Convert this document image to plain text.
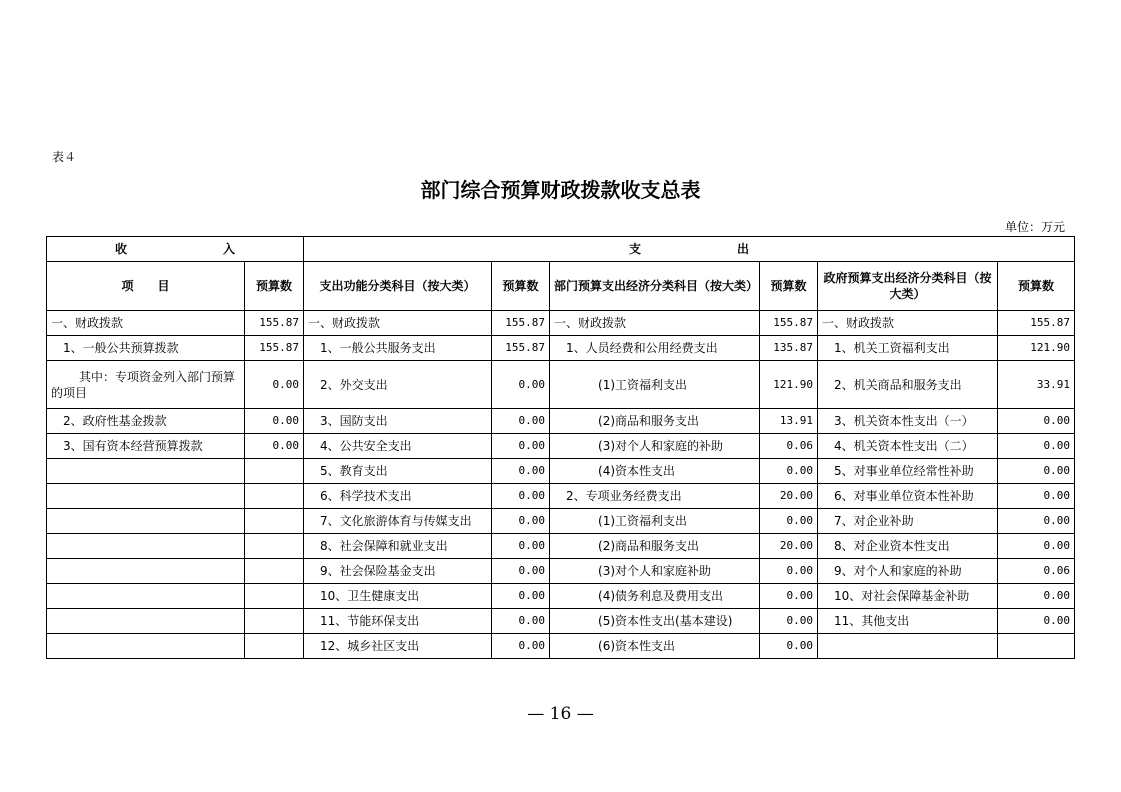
表４
部门综合预算财政拨款收支总表
单位：万元
收　　　　　　　　入		支　　　　　　　　出					
项　　目	预算数	支出功能分类科目（按大类）	预算数	部门预算支出经济分类科目（按大类）	预算数	政府预算支出经济分类科目（按大类）	预算数
一、财政拨款	155.87	一、财政拨款	155.87	一、财政拨款	155.87	一、财政拨款	155.87
1、一般公共预算拨款	155.87	1、一般公共服务支出	155.87	1、人员经费和公用经费支出	135.87	1、机关工资福利支出	121.90
其中：专项资金列入部门预算的项目	0.00	2、外交支出	0.00	(1)工资福利支出	121.90	2、机关商品和服务支出	33.91
2、政府性基金拨款	0.00	3、国防支出	0.00	(2)商品和服务支出	13.91	3、机关资本性支出（一）	0.00
3、国有资本经营预算拨款	0.00	4、公共安全支出	0.00	(3)对个人和家庭的补助	0.06	4、机关资本性支出（二）	0.00
		5、教育支出	0.00	(4)资本性支出	0.00	5、对事业单位经常性补助	0.00
		6、科学技术支出	0.00	2、专项业务经费支出	20.00	6、对事业单位资本性补助	0.00
		7、文化旅游体育与传媒支出	0.00	(1)工资福利支出	0.00	7、对企业补助	0.00
		8、社会保障和就业支出	0.00	(2)商品和服务支出	20.00	8、对企业资本性支出	0.00
		9、社会保险基金支出	0.00	(3)对个人和家庭补助	0.00	9、对个人和家庭的补助	0.06
		10、卫生健康支出	0.00	(4)债务利息及费用支出	0.00	10、对社会保障基金补助	0.00
		11、节能环保支出	0.00	(5)资本性支出(基本建设)	0.00	11、其他支出	0.00
		12、城乡社区支出	0.00	(6)资本性支出	0.00		
— 16 —
